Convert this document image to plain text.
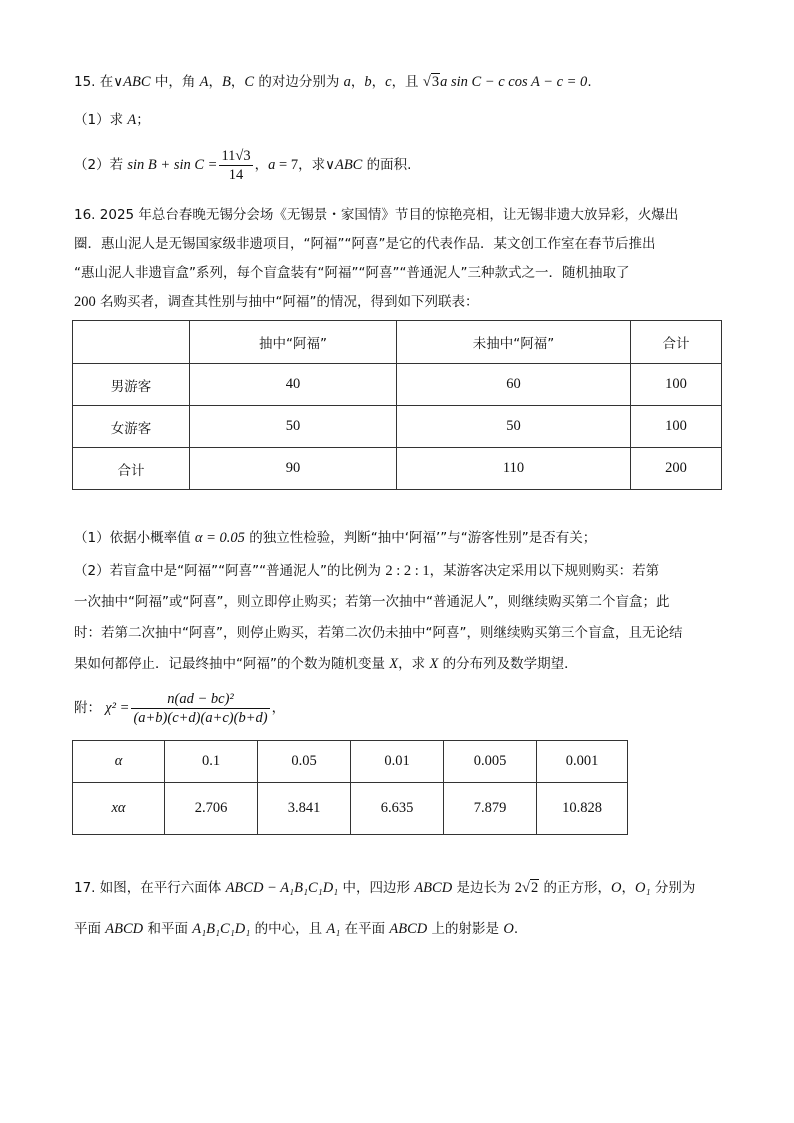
15. 在∨ABC 中，角 A，B，C 的对边分别为 a，b，c，且 √3a sin C − c cos A − c = 0.
（1）求 A；
（2）若 $\sin B + \sin C = \frac{11√3}{14}$ ，a = 7，求∨ABC 的面积.
16. 2025 年总台春晚无锡分会场《无锡景・家国情》节目的惊艳亮相，让无锡非遗大放异彩，火爆出
圈．惠山泥人是无锡国家级非遗项目，“阿福”“阿喜”是它的代表作品．某文创工作室在春节后推出
“惠山泥人非遗盲盒”系列，每个盲盒装有“阿福”“阿喜”“普通泥人”三种款式之一．随机抽取了
200 名购买者，调查其性别与抽中“阿福”的情况，得到如下列联表：
	抽中“阿福”	未抽中“阿福”	合计
男游客	40	60	100
女游客	50	50	100
合计	90	110	200
（1）依据小概率值 α = 0.05 的独立性检验，判断“抽中‘阿福’”与“游客性别”是否有关；
（2）若盲盒中是“阿福”“阿喜”“普通泥人”的比例为 2 : 2 : 1，某游客决定采用以下规则购买：若第
一次抽中“阿福”或“阿喜”，则立即停止购买；若第一次抽中“普通泥人”，则继续购买第二个盲盒；此
时：若第二次抽中“阿喜”，则停止购买，若第二次仍未抽中“阿喜”，则继续购买第三个盲盒，且无论结
果如何都停止．记最终抽中“阿福”的个数为随机变量 X，求 X 的分布列及数学期望．
附： $\chi^2 = \frac{\text{n(ad − bc)²}}{(a+b)(c+d)(a+c)(b+d)}$ ，
α	0.1	0.05	0.01	0.005	0.001
xα	2.706	3.841	6.635	7.879	10.828
17. 如图，在平行六面体 ABCD − A₁B₁C₁D₁ 中，四边形 ABCD 是边长为 2√2 的正方形，O，O₁ 分别为
平面 ABCD 和平面 A₁B₁C₁D₁ 的中心，且 A₁ 在平面 ABCD 上的射影是 O.
